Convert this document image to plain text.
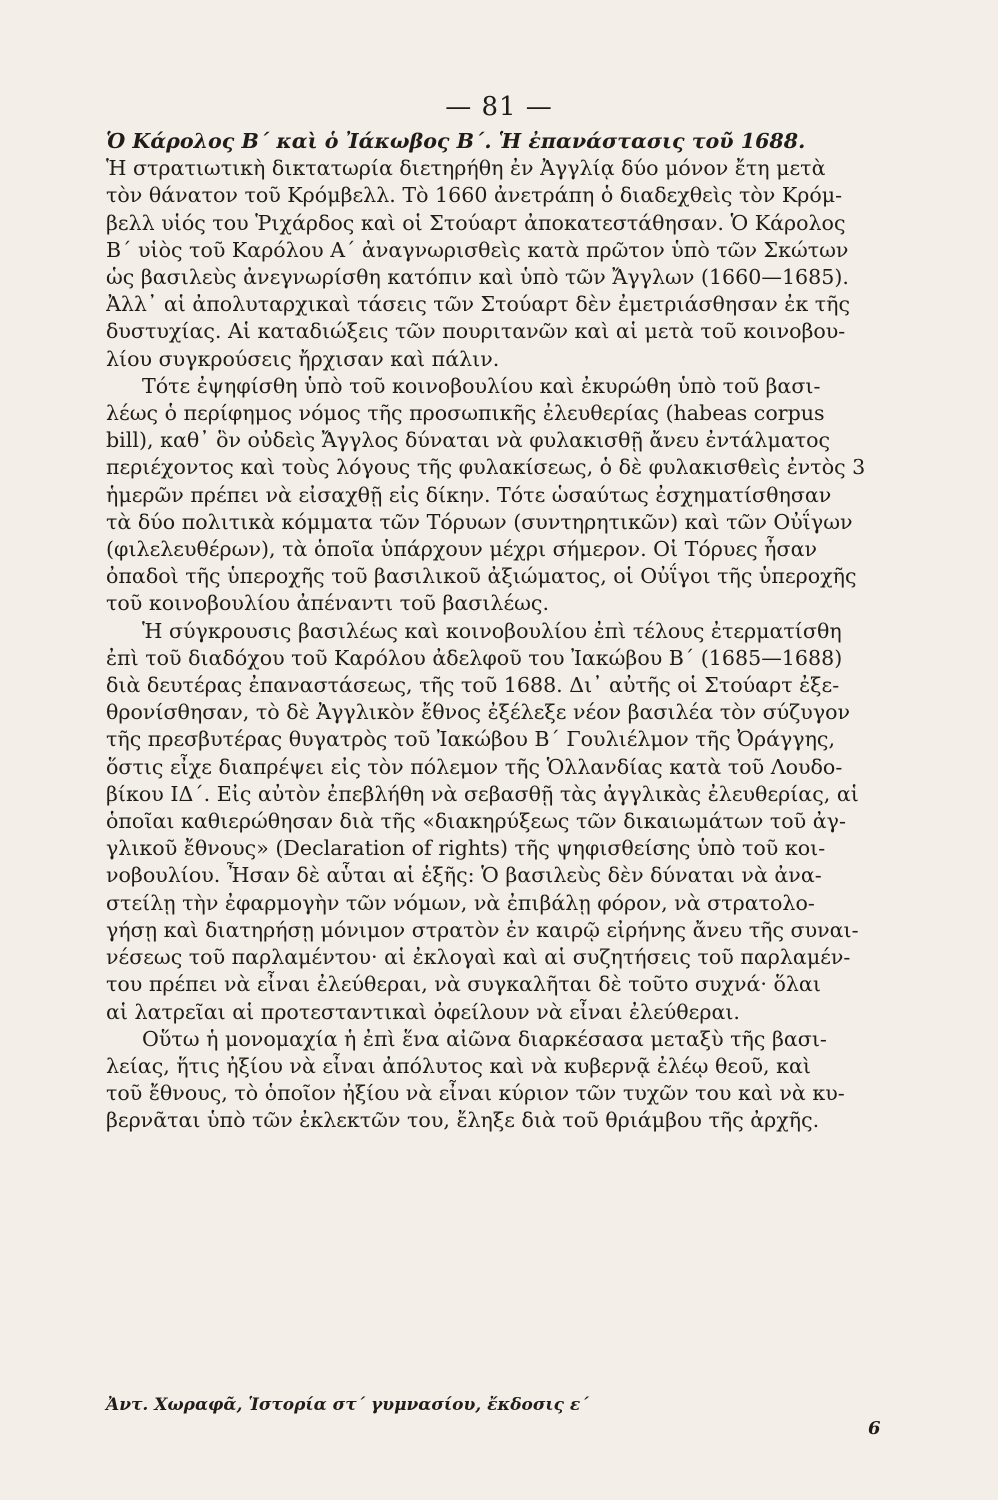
— 81 —
Ὁ Κάρολος Β΄ καὶ ὁ Ἰάκωβος Β΄. Ἡ ἐπανάστασις τοῦ 1688.
Ἡ στρατιωτικὴ δικτατωρία διετηρήθη ἐν Ἀγγλίᾳ δύο μόνον ἔτη μετὰ
τὸν θάνατον τοῦ Κρόμβελλ. Τὸ 1660 ἀνετράπη ὁ διαδεχθεὶς τὸν Κρόμ-
βελλ υἱός του Ῥιχάρδος καὶ οἱ Στούαρτ ἀποκατεστάθησαν. Ὁ Κάρολος
Β΄ υἱὸς τοῦ Καρόλου Α΄ ἀναγνωρισθεὶς κατὰ πρῶτον ὑπὸ τῶν Σκώτων
ὡς βασιλεὺς ἀνεγνωρίσθη κατόπιν καὶ ὑπὸ τῶν Ἄγγλων (1660—1685).
Ἀλλ᾽ αἱ ἀπολυταρχικαὶ τάσεις τῶν Στούαρτ δὲν ἐμετριάσθησαν ἐκ τῆς
δυστυχίας. Αἱ καταδιώξεις τῶν πουριτανῶν καὶ αἱ μετὰ τοῦ κοινοβου-
λίου συγκρούσεις ἤρχισαν καὶ πάλιν.
Τότε ἐψηφίσθη ὑπὸ τοῦ κοινοβουλίου καὶ ἐκυρώθη ὑπὸ τοῦ βασι-
λέως ὁ περίφημος νόμος τῆς προσωπικῆς ἐλευθερίας (habeas corpus
bill), καθ᾽ ὃν οὐδεὶς Ἄγγλος δύναται νὰ φυλακισθῇ ἄνευ ἐντάλματος
περιέχοντος καὶ τοὺς λόγους τῆς φυλακίσεως, ὁ δὲ φυλακισθεὶς ἐντὸς 3
ἡμερῶν πρέπει νὰ εἰσαχθῇ εἰς δίκην. Τότε ὡσαύτως ἐσχηματίσθησαν
τὰ δύο πολιτικὰ κόμματα τῶν Τόρυων (συντηρητικῶν) καὶ τῶν Οὐΐγων
(φιλελευθέρων), τὰ ὁποῖα ὑπάρχουν μέχρι σήμερον. Οἱ Τόρυες ἦσαν
ὀπαδοὶ τῆς ὑπεροχῆς τοῦ βασιλικοῦ ἀξιώματος, οἱ Οὐΐγοι τῆς ὑπεροχῆς
τοῦ κοινοβουλίου ἀπέναντι τοῦ βασιλέως.
Ἡ σύγκρουσις βασιλέως καὶ κοινοβουλίου ἐπὶ τέλους ἐτερματίσθη
ἐπὶ τοῦ διαδόχου τοῦ Καρόλου ἀδελφοῦ του Ἰακώβου Β΄ (1685—1688)
διὰ δευτέρας ἐπαναστάσεως, τῆς τοῦ 1688. Δι᾽ αὐτῆς οἱ Στούαρτ ἐξε-
θρονίσθησαν, τὸ δὲ Ἀγγλικὸν ἔθνος ἐξέλεξε νέον βασιλέα τὸν σύζυγον
τῆς πρεσβυτέρας θυγατρὸς τοῦ Ἰακώβου Β΄ Γουλιέλμον τῆς Ὀράγγης,
ὅστις εἶχε διαπρέψει εἰς τὸν πόλεμον τῆς Ὁλλανδίας κατὰ τοῦ Λουδο-
βίκου ΙΔ΄. Εἰς αὐτὸν ἐπεβλήθη νὰ σεβασθῇ τὰς ἀγγλικὰς ἐλευθερίας, αἱ
ὁποῖαι καθιερώθησαν διὰ τῆς «διακηρύξεως τῶν δικαιωμάτων τοῦ ἀγ-
γλικοῦ ἔθνους» (Declaration of rights) τῆς ψηφισθείσης ὑπὸ τοῦ κοι-
νοβουλίου. Ἦσαν δὲ αὗται αἱ ἑξῆς: Ὁ βασιλεὺς δὲν δύναται νὰ ἀνα-
στείλῃ τὴν ἐφαρμογὴν τῶν νόμων, νὰ ἐπιβάλῃ φόρον, νὰ στρατολο-
γήσῃ καὶ διατηρήσῃ μόνιμον στρατὸν ἐν καιρῷ εἰρήνης ἄνευ τῆς συναι-
νέσεως τοῦ παρλαμέντου· αἱ ἐκλογαὶ καὶ αἱ συζητήσεις τοῦ παρλαμέν-
του πρέπει νὰ εἶναι ἐλεύθεραι, νὰ συγκαλῆται δὲ τοῦτο συχνά· ὅλαι
αἱ λατρεῖαι αἱ προτεσταντικαὶ ὀφείλουν νὰ εἶναι ἐλεύθεραι.
Οὕτω ἡ μονομαχία ἡ ἐπὶ ἕνα αἰῶνα διαρκέσασα μεταξὺ τῆς βασι-
λείας, ἥτις ἠξίου νὰ εἶναι ἀπόλυτος καὶ νὰ κυβερνᾷ ἐλέῳ θεοῦ, καὶ
τοῦ ἔθνους, τὸ ὁποῖον ἠξίου νὰ εἶναι κύριον τῶν τυχῶν του καὶ νὰ κυ-
βερνᾶται ὑπὸ τῶν ἐκλεκτῶν του, ἔληξε διὰ τοῦ θριάμβου τῆς ἀρχῆς.
Ἀντ. Χωραφᾶ, Ἱστορία στ΄ γυμνασίου, ἔκδοσις ε΄
6
